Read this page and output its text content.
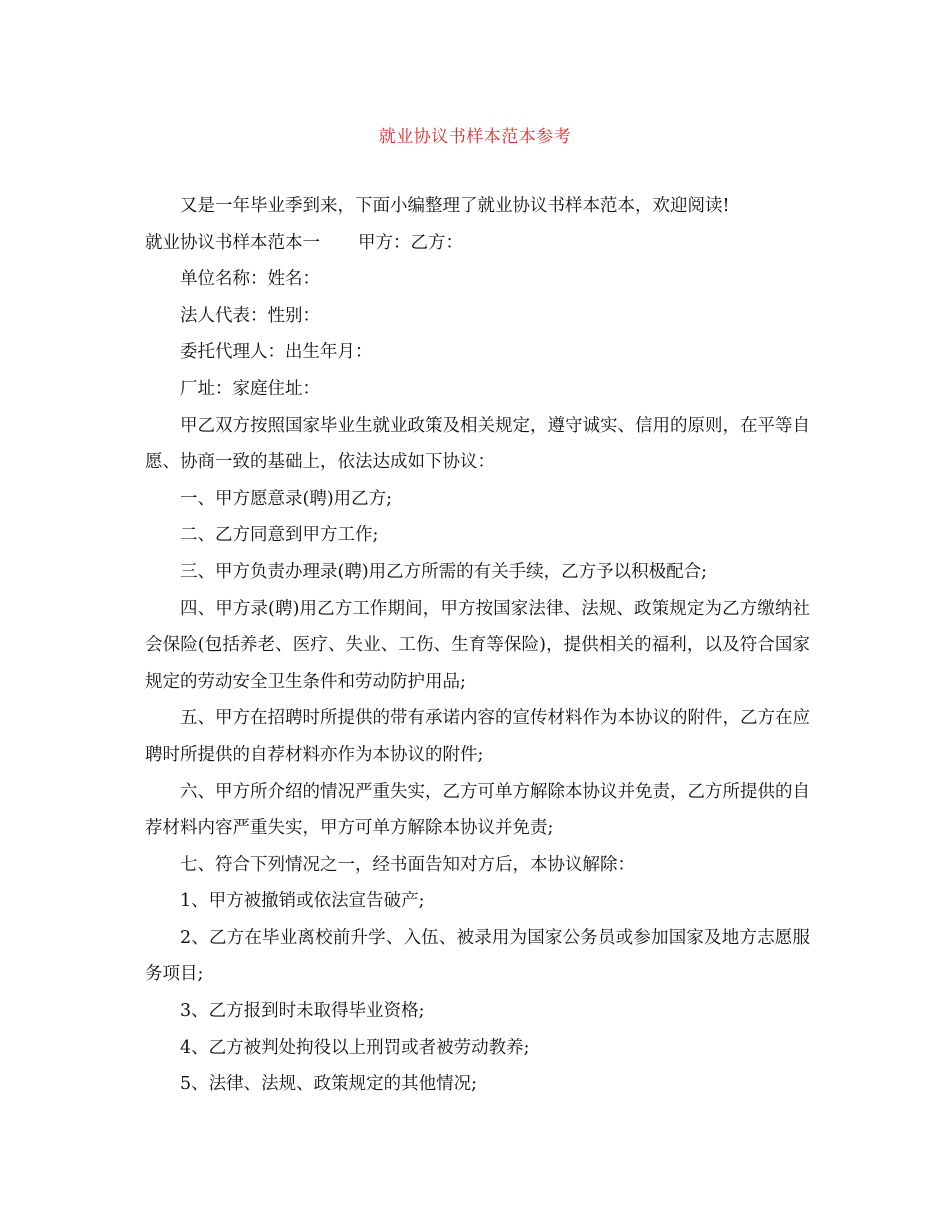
就业协议书样本范本参考

又是一年毕业季到来，下面小编整理了就业协议书样本范本，欢迎阅读!

就业协议书样本范本一 甲方：乙方：

单位名称：姓名：

法人代表：性别：

委托代理人：出生年月：

厂址：家庭住址：

甲乙双方按照国家毕业生就业政策及相关规定，遵守诚实、信用的原则，在平等自愿、协商一致的基础上，依法达成如下协议：

一、甲方愿意录(聘)用乙方;

二、乙方同意到甲方工作;

三、甲方负责办理录(聘)用乙方所需的有关手续，乙方予以积极配合;

四、甲方录(聘)用乙方工作期间，甲方按国家法律、法规、政策规定为乙方缴纳社会保险(包括养老、医疗、失业、工伤、生育等保险)，提供相关的福利，以及符合国家规定的劳动安全卫生条件和劳动防护用品;

五、甲方在招聘时所提供的带有承诺内容的宣传材料作为本协议的附件，乙方在应聘时所提供的自荐材料亦作为本协议的附件;

六、甲方所介绍的情况严重失实，乙方可单方解除本协议并免责，乙方所提供的自荐材料内容严重失实，甲方可单方解除本协议并免责;

七、符合下列情况之一，经书面告知对方后，本协议解除：

1、甲方被撤销或依法宣告破产;

2、乙方在毕业离校前升学、入伍、被录用为国家公务员或参加国家及地方志愿服务项目;

3、乙方报到时未取得毕业资格;

4、乙方被判处拘役以上刑罚或者被劳动教养;

5、法律、法规、政策规定的其他情况;
